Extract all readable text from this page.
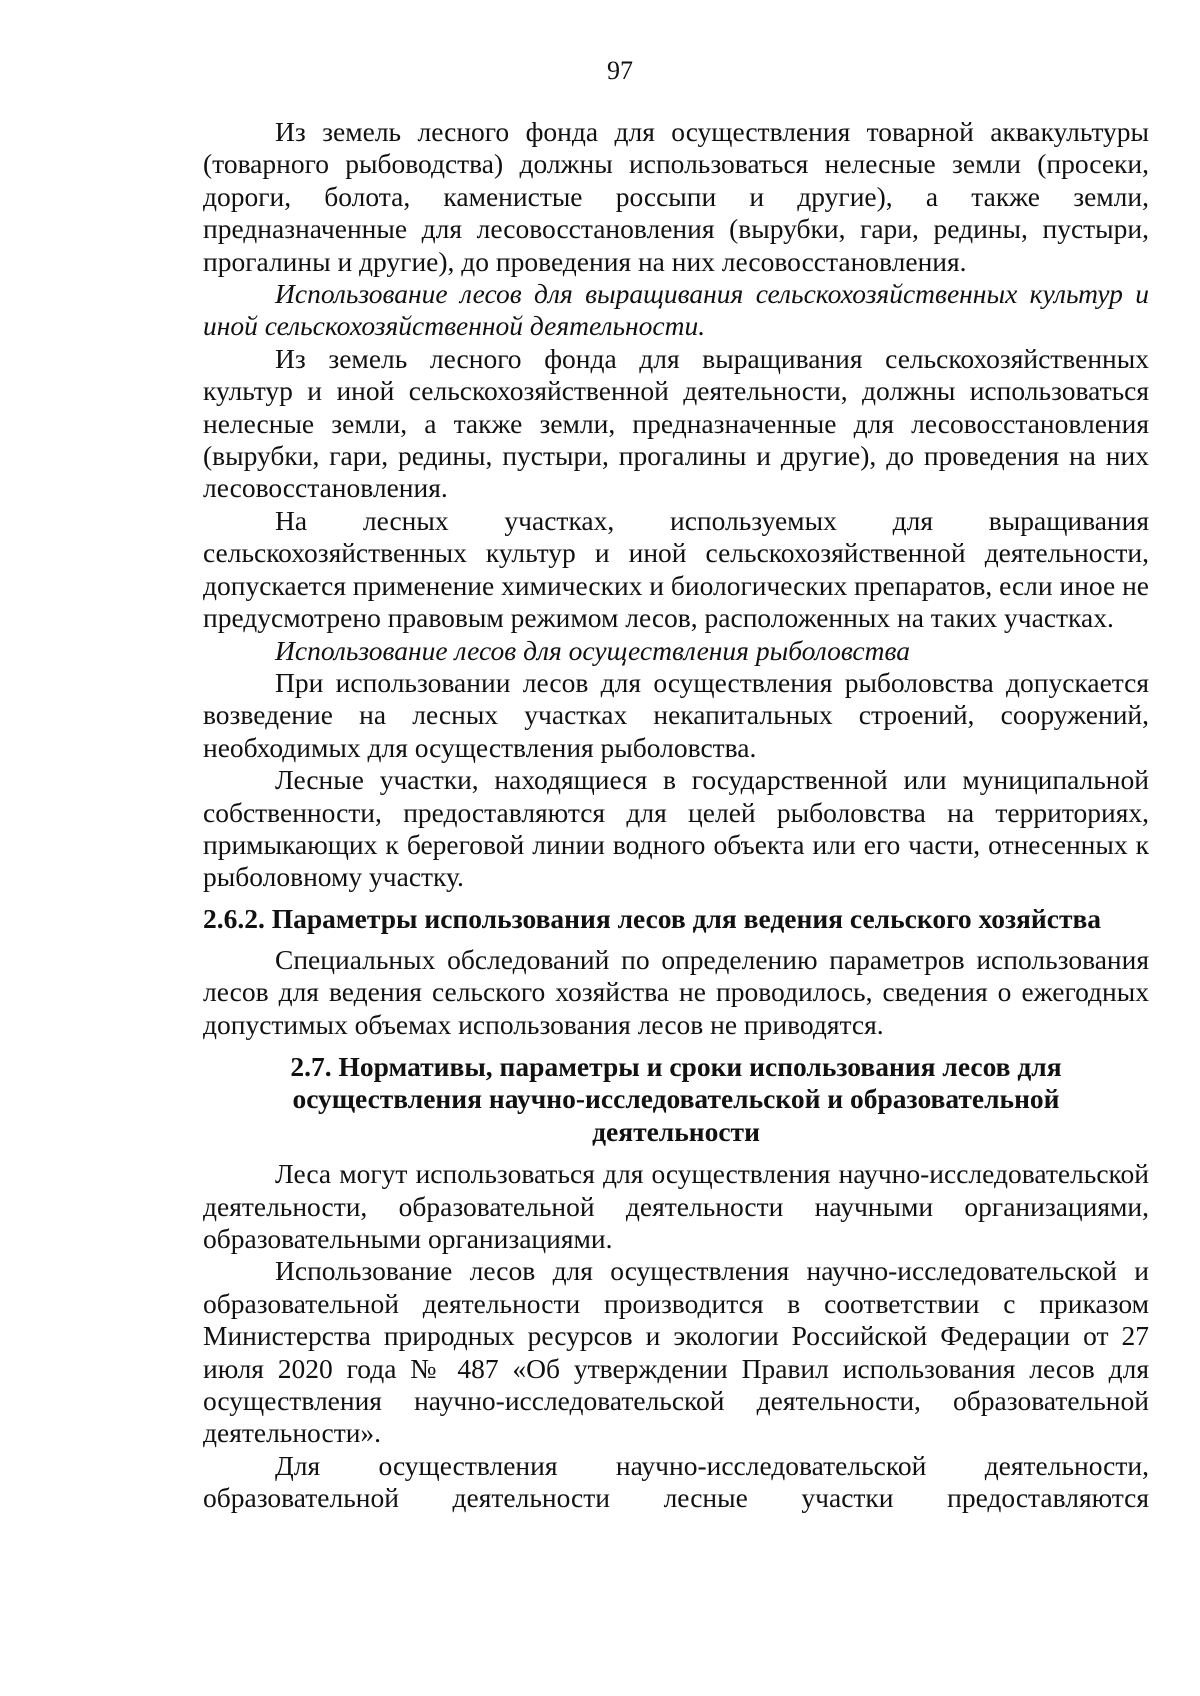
97

Из земель лесного фонда для осуществления товарной аквакультуры (товарного рыбоводства) должны использоваться нелесные земли (просеки, дороги, болота, каменистые россыпи и другие), а также земли, предназначенные для лесовосстановления (вырубки, гари, редины, пустыри, прогалины и другие), до проведения на них лесовосстановления.

Использование лесов для выращивания сельскохозяйственных культур и иной сельскохозяйственной деятельности.

Из земель лесного фонда для выращивания сельскохозяйственных культур и иной сельскохозяйственной деятельности, должны использоваться нелесные земли, а также земли, предназначенные для лесовосстановления (вырубки, гари, редины, пустыри, прогалины и другие), до проведения на них лесовосстановления.

На лесных участках, используемых для выращивания сельскохозяйственных культур и иной сельскохозяйственной деятельности, допускается применение химических и биологических препаратов, если иное не предусмотрено правовым режимом лесов, расположенных на таких участках.

Использование лесов для осуществления рыболовства

При использовании лесов для осуществления рыболовства допускается возведение на лесных участках некапитальных строений, сооружений, необходимых для осуществления рыболовства.

Лесные участки, находящиеся в государственной или муниципальной собственности, предоставляются для целей рыболовства на территориях, примыкающих к береговой линии водного объекта или его части, отнесенных к рыболовному участку.

2.6.2. Параметры использования лесов для ведения сельского хозяйства

Специальных обследований по определению параметров использования лесов для ведения сельского хозяйства не проводилось, сведения о ежегодных допустимых объемах использования лесов не приводятся.

2.7. Нормативы, параметры и сроки использования лесов для осуществления научно-исследовательской и образовательной деятельности

Леса могут использоваться для осуществления научно-исследовательской деятельности, образовательной деятельности научными организациями, образовательными организациями.

Использование лесов для осуществления научно-исследовательской и образовательной деятельности производится в соответствии с приказом Министерства природных ресурсов и экологии Российской Федерации от 27 июля 2020 года № 487 «Об утверждении Правил использования лесов для осуществления научно-исследовательской деятельности, образовательной деятельности».

Для осуществления научно-исследовательской деятельности, образовательной деятельности лесные участки предоставляются
